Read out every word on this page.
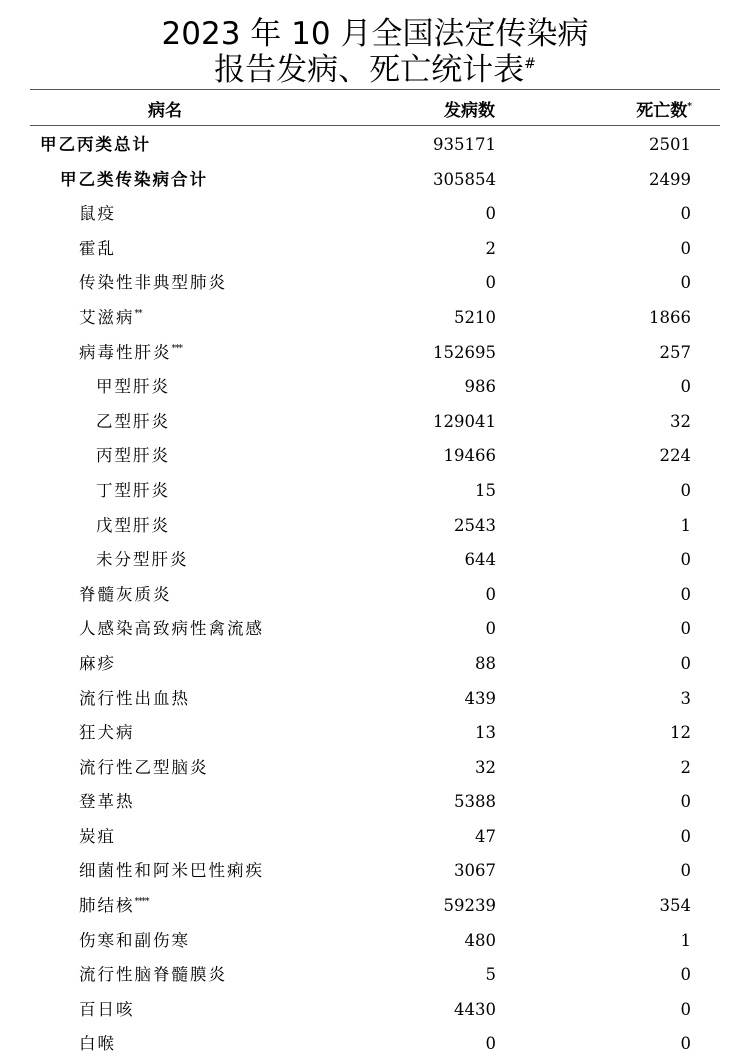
2023 年 10 月全国法定传染病
报告发病、死亡统计表#
病名	发病数	死亡数*
甲乙丙类总计	935171	2501
甲乙类传染病合计	305854	2499
鼠疫	0	0
霍乱	2	0
传染性非典型肺炎	0	0
艾滋病**	5210	1866
病毒性肝炎***	152695	257
甲型肝炎	986	0
乙型肝炎	129041	32
丙型肝炎	19466	224
丁型肝炎	15	0
戊型肝炎	2543	1
未分型肝炎	644	0
脊髓灰质炎	0	0
人感染高致病性禽流感	0	0
麻疹	88	0
流行性出血热	439	3
狂犬病	13	12
流行性乙型脑炎	32	2
登革热	5388	0
炭疽	47	0
细菌性和阿米巴性痢疾	3067	0
肺结核****	59239	354
伤寒和副伤寒	480	1
流行性脑脊髓膜炎	5	0
百日咳	4430	0
白喉	0	0
